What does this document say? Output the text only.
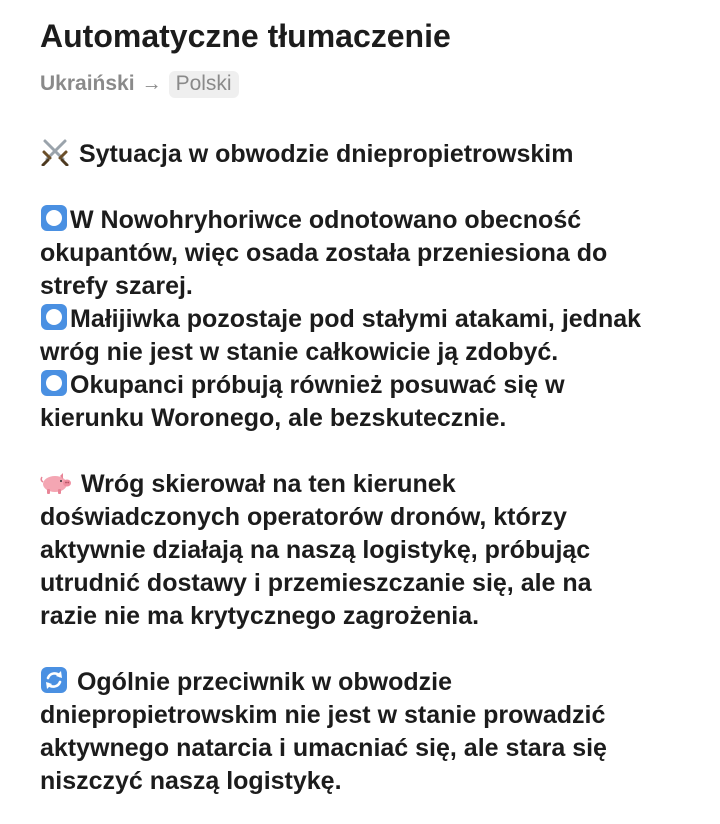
Automatyczne tłumaczenie
Ukraiński → Polski
Sytuacja w obwodzie dniepropietrowskim
W Nowohryhoriwce odnotowano obecność
okupantów, więc osada została przeniesiona do
strefy szarej.
Małijiwka pozostaje pod stałymi atakami, jednak
wróg nie jest w stanie całkowicie ją zdobyć.
Okupanci próbują również posuwać się w
kierunku Woronego, ale bezskutecznie.
Wróg skierował na ten kierunek
doświadczonych operatorów dronów, którzy
aktywnie działają na naszą logistykę, próbując
utrudnić dostawy i przemieszczanie się, ale na
razie nie ma krytycznego zagrożenia.
Ogólnie przeciwnik w obwodzie
dniepropietrowskim nie jest w stanie prowadzić
aktywnego natarcia i umacniać się, ale stara się
niszczyć naszą logistykę.
